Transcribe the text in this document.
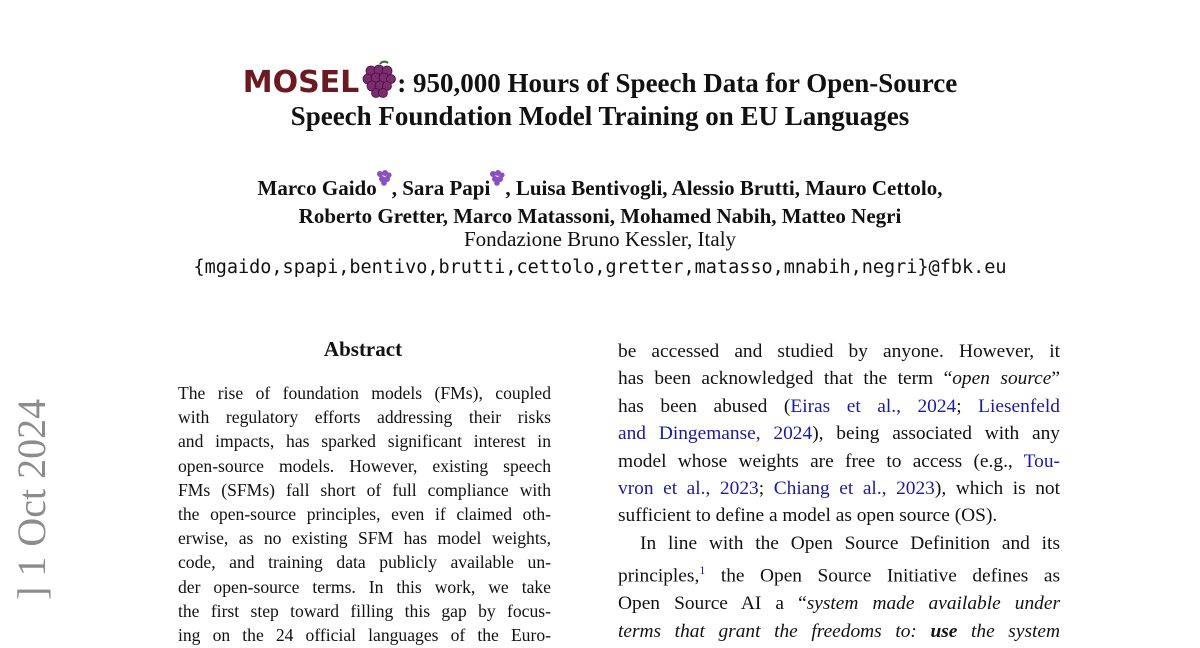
MOSEL : 950,000 Hours of Speech Data for Open-Source
Speech Foundation Model Training on EU Languages
Marco Gaido , Sara Papi , Luisa Bentivogli, Alessio Brutti, Mauro Cettolo,
Roberto Gretter, Marco Matassoni, Mohamed Nabih, Matteo Negri
Fondazione Bruno Kessler, Italy
{mgaido,spapi,bentivo,brutti,cettolo,gretter,matasso,mnabih,negri}@fbk.eu
] 1 Oct 2024
Abstract
The rise of foundation models (FMs), coupled
with regulatory efforts addressing their risks
and impacts, has sparked significant interest in
open-source models. However, existing speech
FMs (SFMs) fall short of full compliance with
the open-source principles, even if claimed oth-
erwise, as no existing SFM has model weights,
code, and training data publicly available un-
der open-source terms. In this work, we take
the first step toward filling this gap by focus-
ing on the 24 official languages of the Euro-
be accessed and studied by anyone. However, it
has been acknowledged that the term “open source”
has been abused (Eiras et al., 2024; Liesenfeld
and Dingemanse, 2024), being associated with any
model whose weights are free to access (e.g., Tou-
vron et al., 2023; Chiang et al., 2023), which is not
sufficient to define a model as open source (OS).
In line with the Open Source Definition and its
principles,$^1$ the Open Source Initiative defines as
Open Source AI a “system made available under
terms that grant the freedoms to: use the system
